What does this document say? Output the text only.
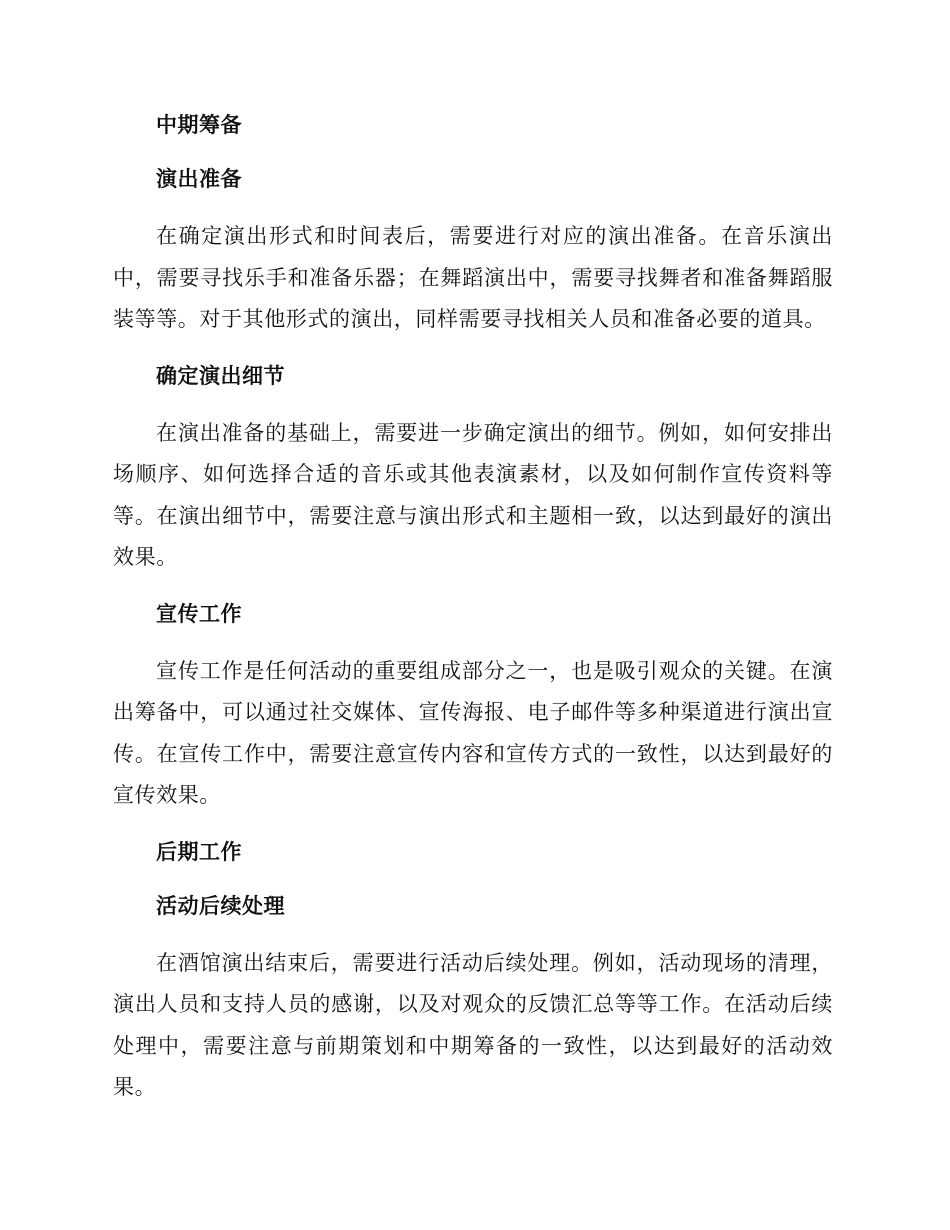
中期筹备
演出准备

在确定演出形式和时间表后，需要进行对应的演出准备。在音乐演出中，需要寻找乐手和准备乐器；在舞蹈演出中，需要寻找舞者和准备舞蹈服装等等。对于其他形式的演出，同样需要寻找相关人员和准备必要的道具。

确定演出细节

在演出准备的基础上，需要进一步确定演出的细节。例如，如何安排出场顺序、如何选择合适的音乐或其他表演素材，以及如何制作宣传资料等等。在演出细节中，需要注意与演出形式和主题相一致，以达到最好的演出效果。

宣传工作

宣传工作是任何活动的重要组成部分之一，也是吸引观众的关键。在演出筹备中，可以通过社交媒体、宣传海报、电子邮件等多种渠道进行演出宣传。在宣传工作中，需要注意宣传内容和宣传方式的一致性，以达到最好的宣传效果。

后期工作
活动后续处理

在酒馆演出结束后，需要进行活动后续处理。例如，活动现场的清理，演出人员和支持人员的感谢，以及对观众的反馈汇总等等工作。在活动后续处理中，需要注意与前期策划和中期筹备的一致性，以达到最好的活动效果。
